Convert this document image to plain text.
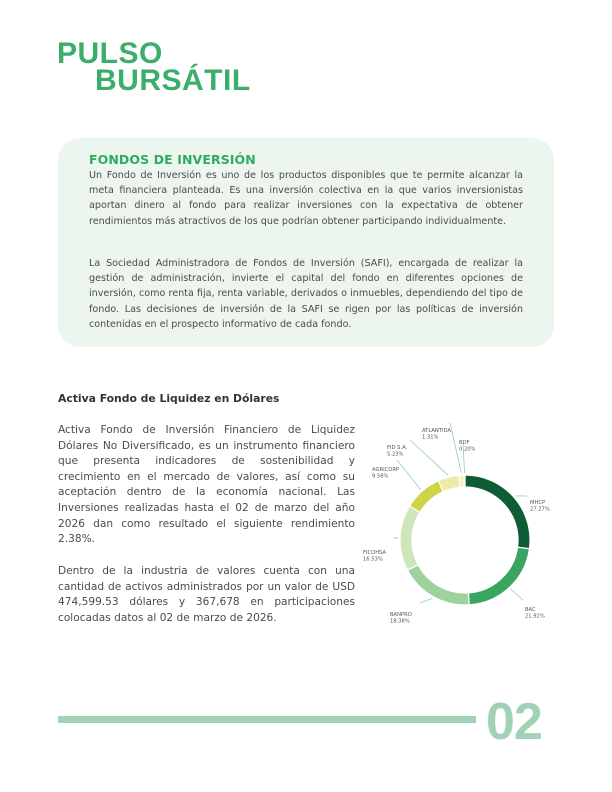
PULSO
BURSÁTIL
FONDOS DE INVERSIÓN
Un Fondo de Inversión es uno de los productos disponibles que te permite alcanzar la meta financiera planteada. Es una inversión colectiva en la que varios inversionistas aportan dinero al fondo para realizar inversiones con la expectativa de obtener rendimientos más atractivos de los que podrían obtener participando individualmente.
La Sociedad Administradora de Fondos de Inversión (SAFI), encargada de realizar la gestión de administración, invierte el capital del fondo en diferentes opciones de inversión, como renta fija, renta variable, derivados o inmuebles, dependiendo del tipo de fondo. Las decisiones de inversión de la SAFI se rigen por las políticas de inversión contenidas en el prospecto informativo de cada fondo.
Activa Fondo de Liquidez en Dólares
Activa Fondo de Inversión Financiero de Liquidez Dólares No Diversificado, es un instrumento financiero que presenta indicadores de sostenibilidad y crecimiento en el mercado de valores, así como su aceptación dentro de la economía nacional. Las Inversiones realizadas hasta el 02 de marzo del año 2026 dan como resultado el siguiente rendimiento 2.38%.
Dentro de la industria de valores cuenta con una cantidad de activos administrados por un valor de USD 474,599.53 dólares y 367,678 en participaciones colocadas datos al 02 de marzo de 2026.
MHCP
27.27%
BAC
21.92%
BANPRO
18.38%
FICOHSA
16.53%
AGRICORP
9.58%
FID S.A.
5.23%
ATLANTIDA
1.31%
BDF
0.20%
02
